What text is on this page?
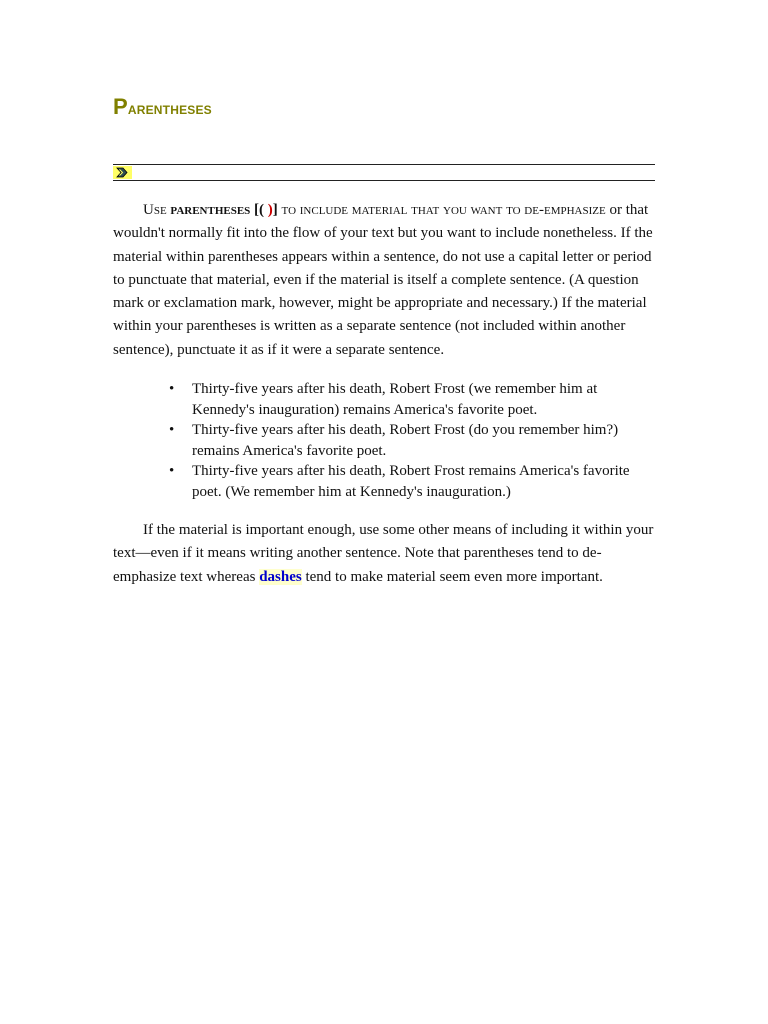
Parentheses

Use parentheses [( )] to include material that you want to de-emphasize or that wouldn't normally fit into the flow of your text but you want to include nonetheless. If the material within parentheses appears within a sentence, do not use a capital letter or period to punctuate that material, even if the material is itself a complete sentence. (A question mark or exclamation mark, however, might be appropriate and necessary.) If the material within your parentheses is written as a separate sentence (not included within another sentence), punctuate it as if it were a separate sentence.

• Thirty-five years after his death, Robert Frost (we remember him at Kennedy's inauguration) remains America's favorite poet.
• Thirty-five years after his death, Robert Frost (do you remember him?) remains America's favorite poet.
• Thirty-five years after his death, Robert Frost remains America's favorite poet. (We remember him at Kennedy's inauguration.)

If the material is important enough, use some other means of including it within your text—even if it means writing another sentence. Note that parentheses tend to de-emphasize text whereas dashes tend to make material seem even more important.
